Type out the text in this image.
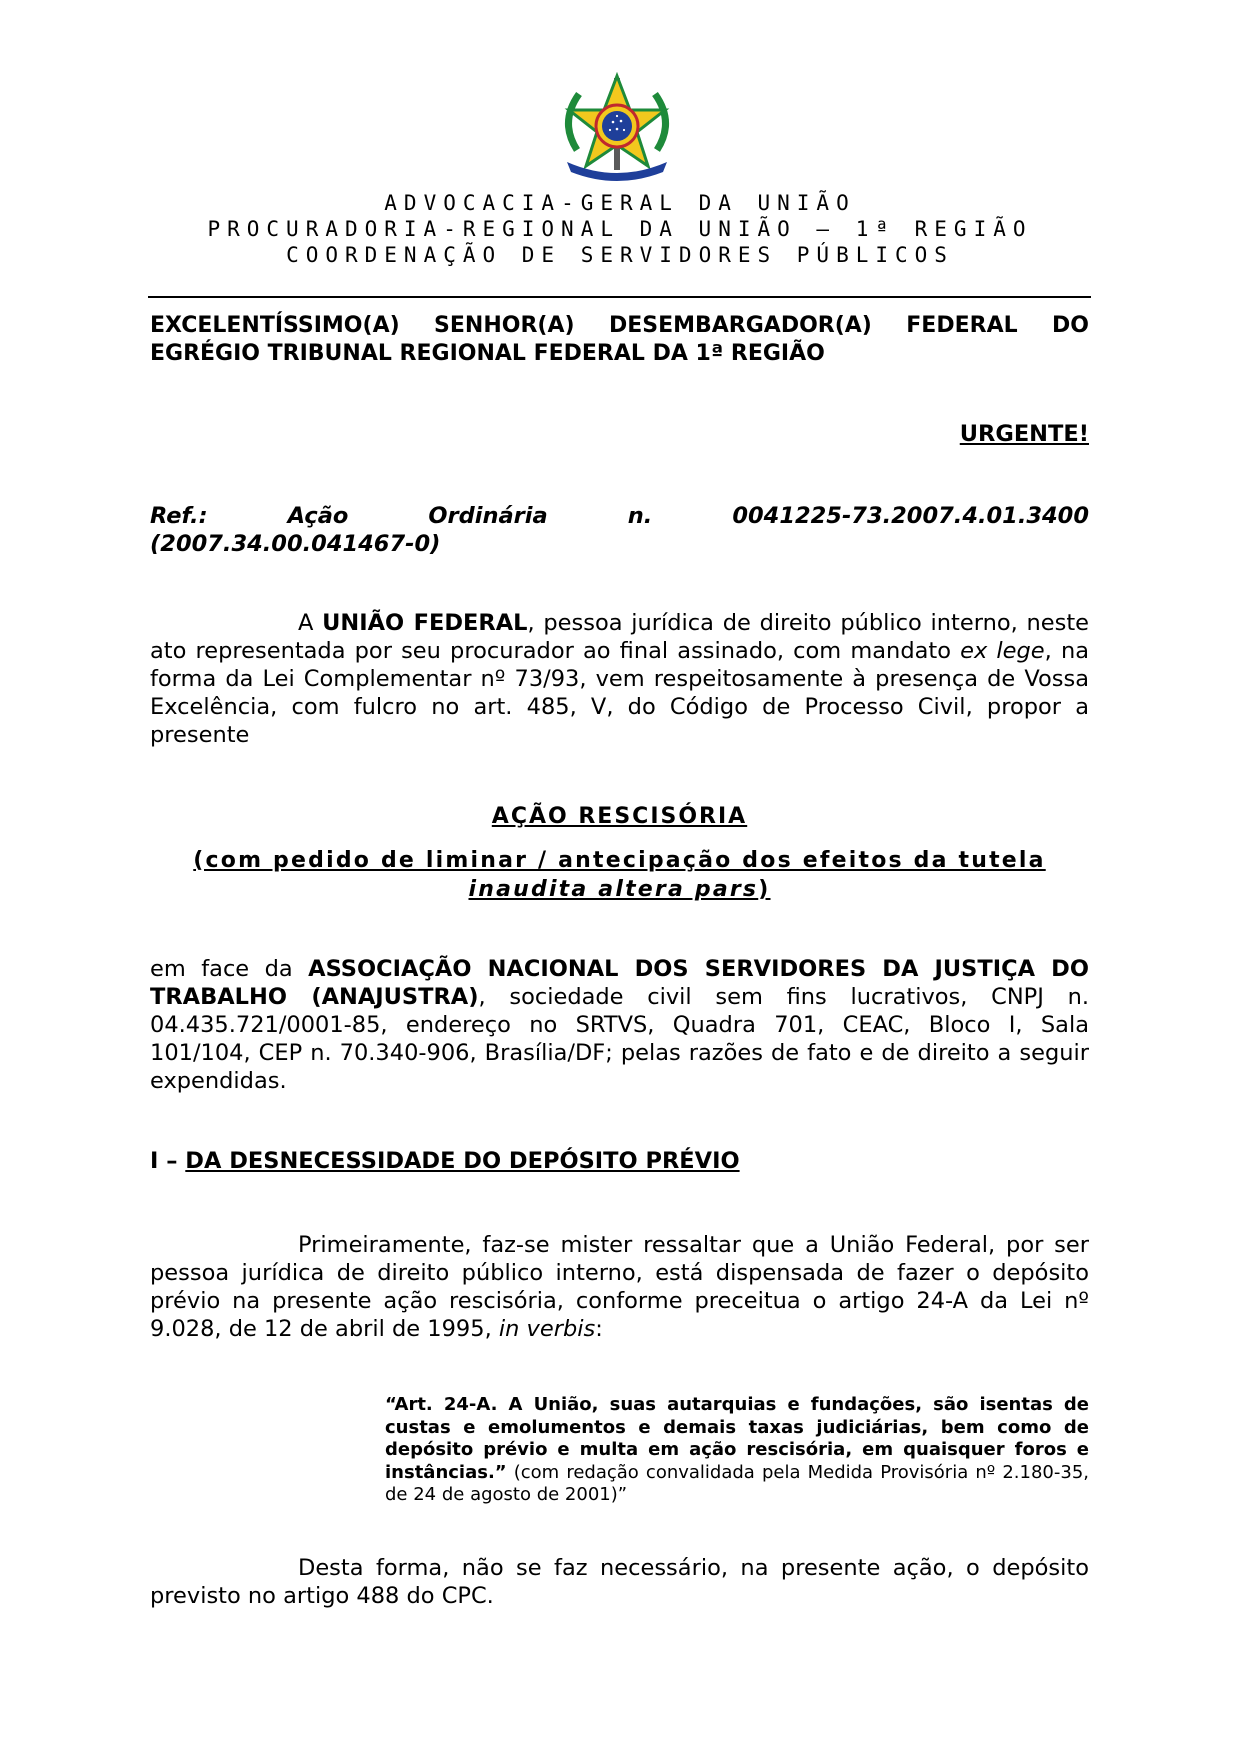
ADVOCACIA-GERAL DA UNIÃO
PROCURADORIA-REGIONAL DA UNIÃO – 1ª REGIÃO
COORDENAÇÃO DE SERVIDORES PÚBLICOS
EXCELENTÍSSIMO(A) SENHOR(A) DESEMBARGADOR(A) FEDERAL DO
EGRÉGIO TRIBUNAL REGIONAL FEDERAL DA 1ª REGIÃO
URGENTE!
Ref.:	Ação	Ordinária	n.	0041225-73.2007.4.01.3400
(2007.34.00.041467-0)
A UNIÃO FEDERAL, pessoa jurídica de direito público interno, neste ato representada por seu procurador ao final assinado, com mandato ex lege, na forma da Lei Complementar nº 73/93, vem respeitosamente à presença de Vossa Excelência, com fulcro no art. 485, V, do Código de Processo Civil, propor a presente
AÇÃO RESCISÓRIA
(com pedido de liminar / antecipação dos efeitos da tutela
inaudita altera pars)
em face da ASSOCIAÇÃO NACIONAL DOS SERVIDORES DA JUSTIÇA DO TRABALHO (ANAJUSTRA), sociedade civil sem fins lucrativos, CNPJ n. 04.435.721/0001-85, endereço no SRTVS, Quadra 701, CEAC, Bloco I, Sala 101/104, CEP n. 70.340-906, Brasília/DF; pelas razões de fato e de direito a seguir expendidas.
I – DA DESNECESSIDADE DO DEPÓSITO PRÉVIO
Primeiramente, faz-se mister ressaltar que a União Federal, por ser pessoa jurídica de direito público interno, está dispensada de fazer o depósito prévio na presente ação rescisória, conforme preceitua o artigo 24-A da Lei nº 9.028, de 12 de abril de 1995, in verbis:
“Art. 24-A. A União, suas autarquias e fundações, são isentas de custas e emolumentos e demais taxas judiciárias, bem como de depósito prévio e multa em ação rescisória, em quaisquer foros e instâncias.” (com redação convalidada pela Medida Provisória nº 2.180-35, de 24 de agosto de 2001)”
Desta forma, não se faz necessário, na presente ação, o depósito previsto no artigo 488 do CPC.
